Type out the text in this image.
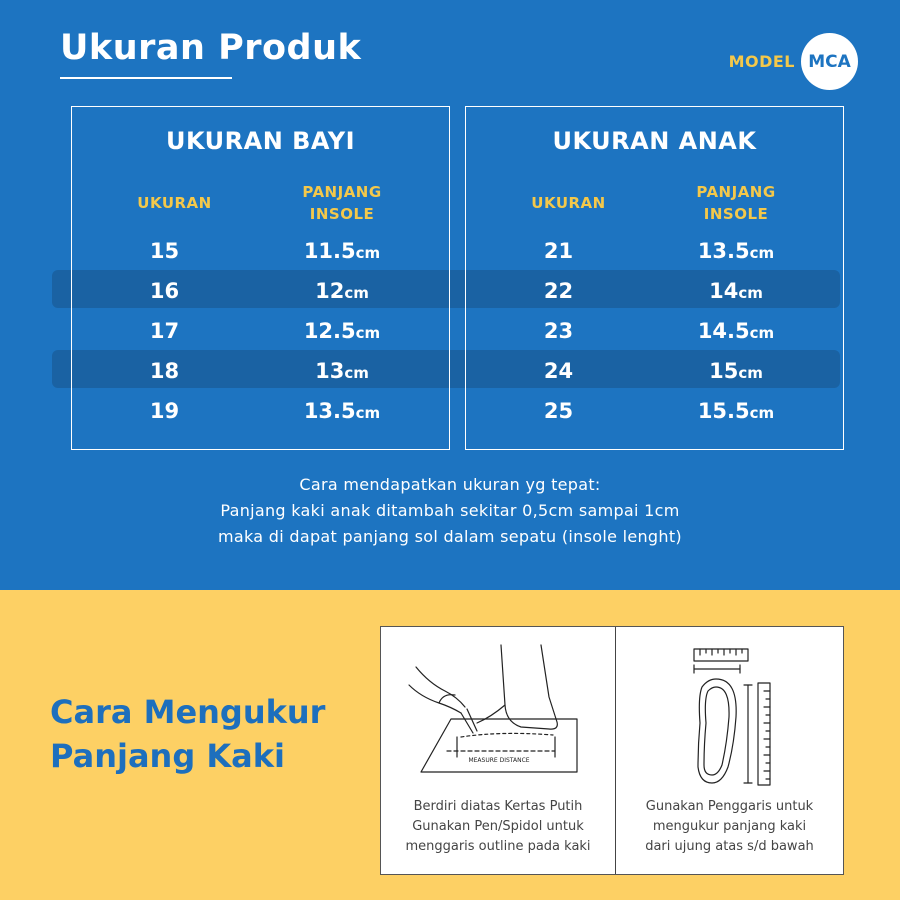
Ukuran Produk	MODEL MCA
UKURAN BAYI
UKURAN
PANJANG
INSOLE
15	11.5cm
16	12cm
17	12.5cm
18	13cm
19	13.5cm
UKURAN ANAK
UKURAN
PANJANG
INSOLE
21	13.5cm
22	14cm
23	14.5cm
24	15cm
25	15.5cm
Cara mendapatkan ukuran yg tepat:
Panjang kaki anak ditambah sekitar 0,5cm sampai 1cm
maka di dapat panjang sol dalam sepatu (insole lenght)
Cara Mengukur
Panjang Kaki	MEASURE DISTANCE
Berdiri diatas Kertas Putih
Gunakan Pen/Spidol untuk
menggaris outline pada kaki
Gunakan Penggaris untuk
mengukur panjang kaki
dari ujung atas s/d bawah
